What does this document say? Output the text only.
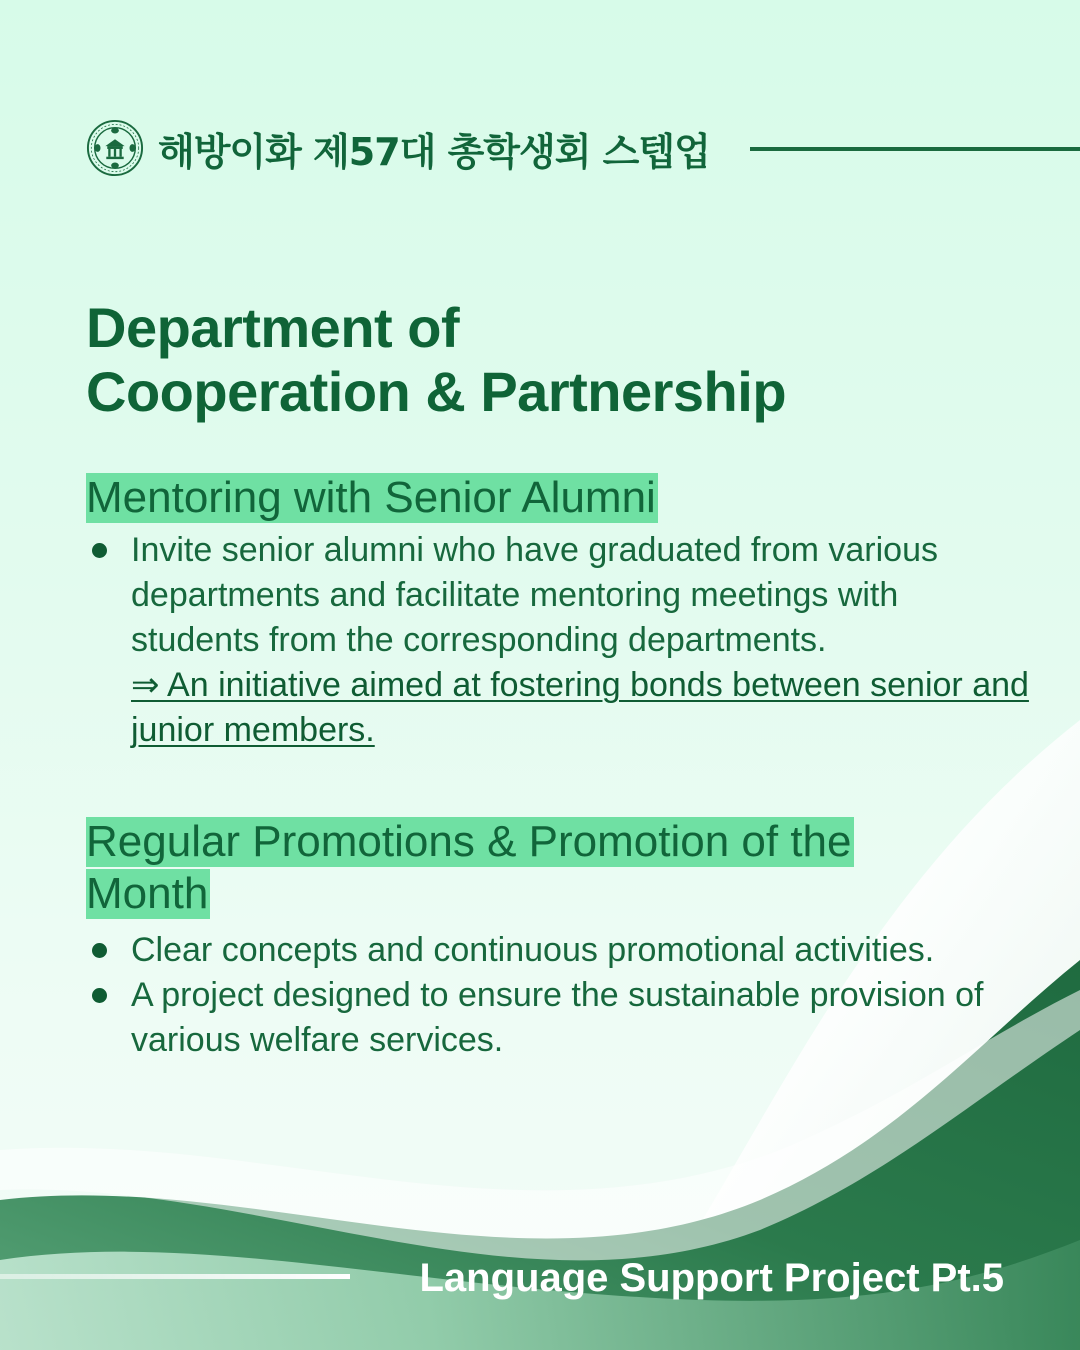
해방이화 제57대 총학생회 스텝업
Department of
Cooperation & Partnership
Mentoring with Senior Alumni
Invite senior alumni who have graduated from various departments and facilitate mentoring meetings with students from the corresponding departments.
⇒ An initiative aimed at fostering bonds between senior and junior members.
Regular Promotions & Promotion of the
Month
Clear concepts and continuous promotional activities.
A project designed to ensure the sustainable provision of various welfare services.
Language Support Project Pt.5
